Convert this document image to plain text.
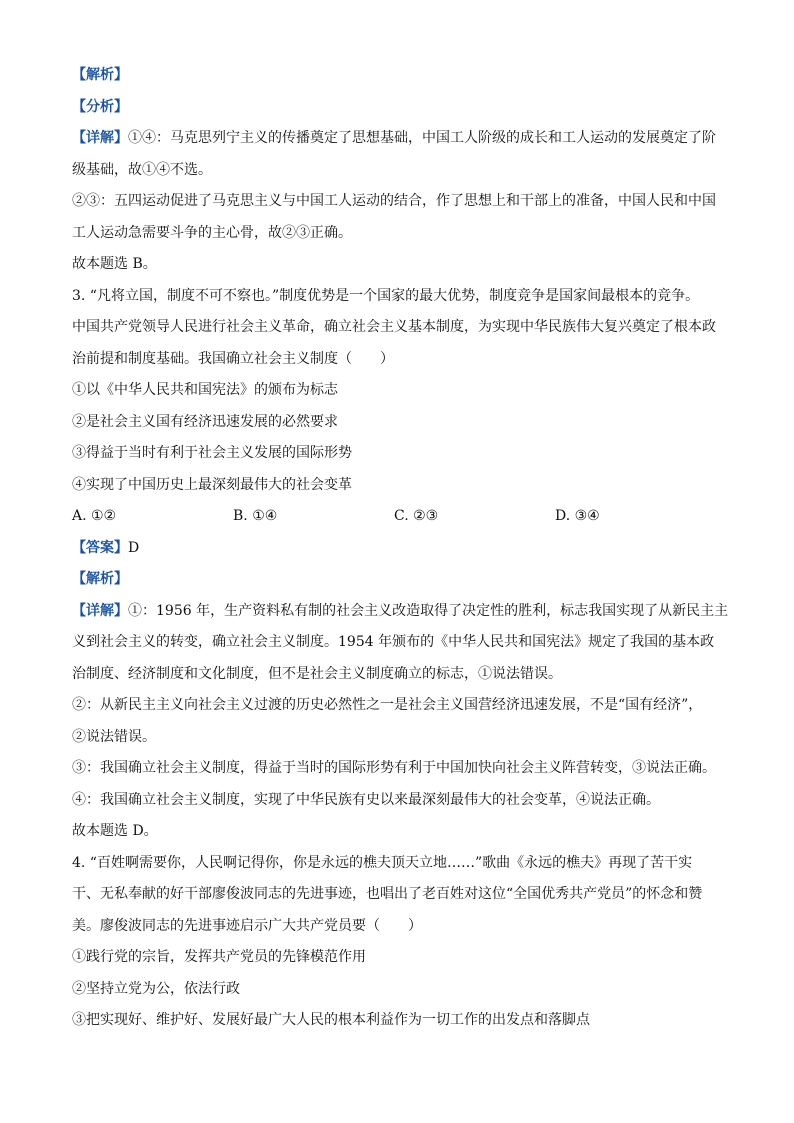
【解析】
【分析】
【详解】①④：马克思列宁主义的传播奠定了思想基础，中国工人阶级的成长和工人运动的发展奠定了阶
级基础，故①④不选。
②③：五四运动促进了马克思主义与中国工人运动的结合，作了思想上和干部上的准备，中国人民和中国
工人运动急需要斗争的主心骨，故②③正确。
故本题选 B。
3. “凡将立国，制度不可不察也。”制度优势是一个国家的最大优势，制度竞争是国家间最根本的竞争。
中国共产党领导人民进行社会主义革命，确立社会主义基本制度，为实现中华民族伟大复兴奠定了根本政
治前提和制度基础。我国确立社会主义制度（　　）
①以《中华人民共和国宪法》的颁布为标志
②是社会主义国有经济迅速发展的必然要求
③得益于当时有利于社会主义发展的国际形势
④实现了中国历史上最深刻最伟大的社会变革
A. ①②	B. ①④	C. ②③	D. ③④
【答案】D
【解析】
【详解】①：1956 年，生产资料私有制的社会主义改造取得了决定性的胜利，标志我国实现了从新民主主
义到社会主义的转变，确立社会主义制度。1954 年颁布的《中华人民共和国宪法》规定了我国的基本政
治制度、经济制度和文化制度，但不是社会主义制度确立的标志，①说法错误。
②：从新民主主义向社会主义过渡的历史必然性之一是社会主义国营经济迅速发展，不是“国有经济”，
②说法错误。
③：我国确立社会主义制度，得益于当时的国际形势有利于中国加快向社会主义阵营转变，③说法正确。
④：我国确立社会主义制度，实现了中华民族有史以来最深刻最伟大的社会变革，④说法正确。
故本题选 D。
4. “百姓啊需要你，人民啊记得你，你是永远的樵夫顶天立地……”歌曲《永远的樵夫》再现了苦干实
干、无私奉献的好干部廖俊波同志的先进事迹，也唱出了老百姓对这位“全国优秀共产党员”的怀念和赞
美。廖俊波同志的先进事迹启示广大共产党员要（　　）
①践行党的宗旨，发挥共产党员的先锋模范作用
②坚持立党为公，依法行政
③把实现好、维护好、发展好最广大人民的根本利益作为一切工作的出发点和落脚点
